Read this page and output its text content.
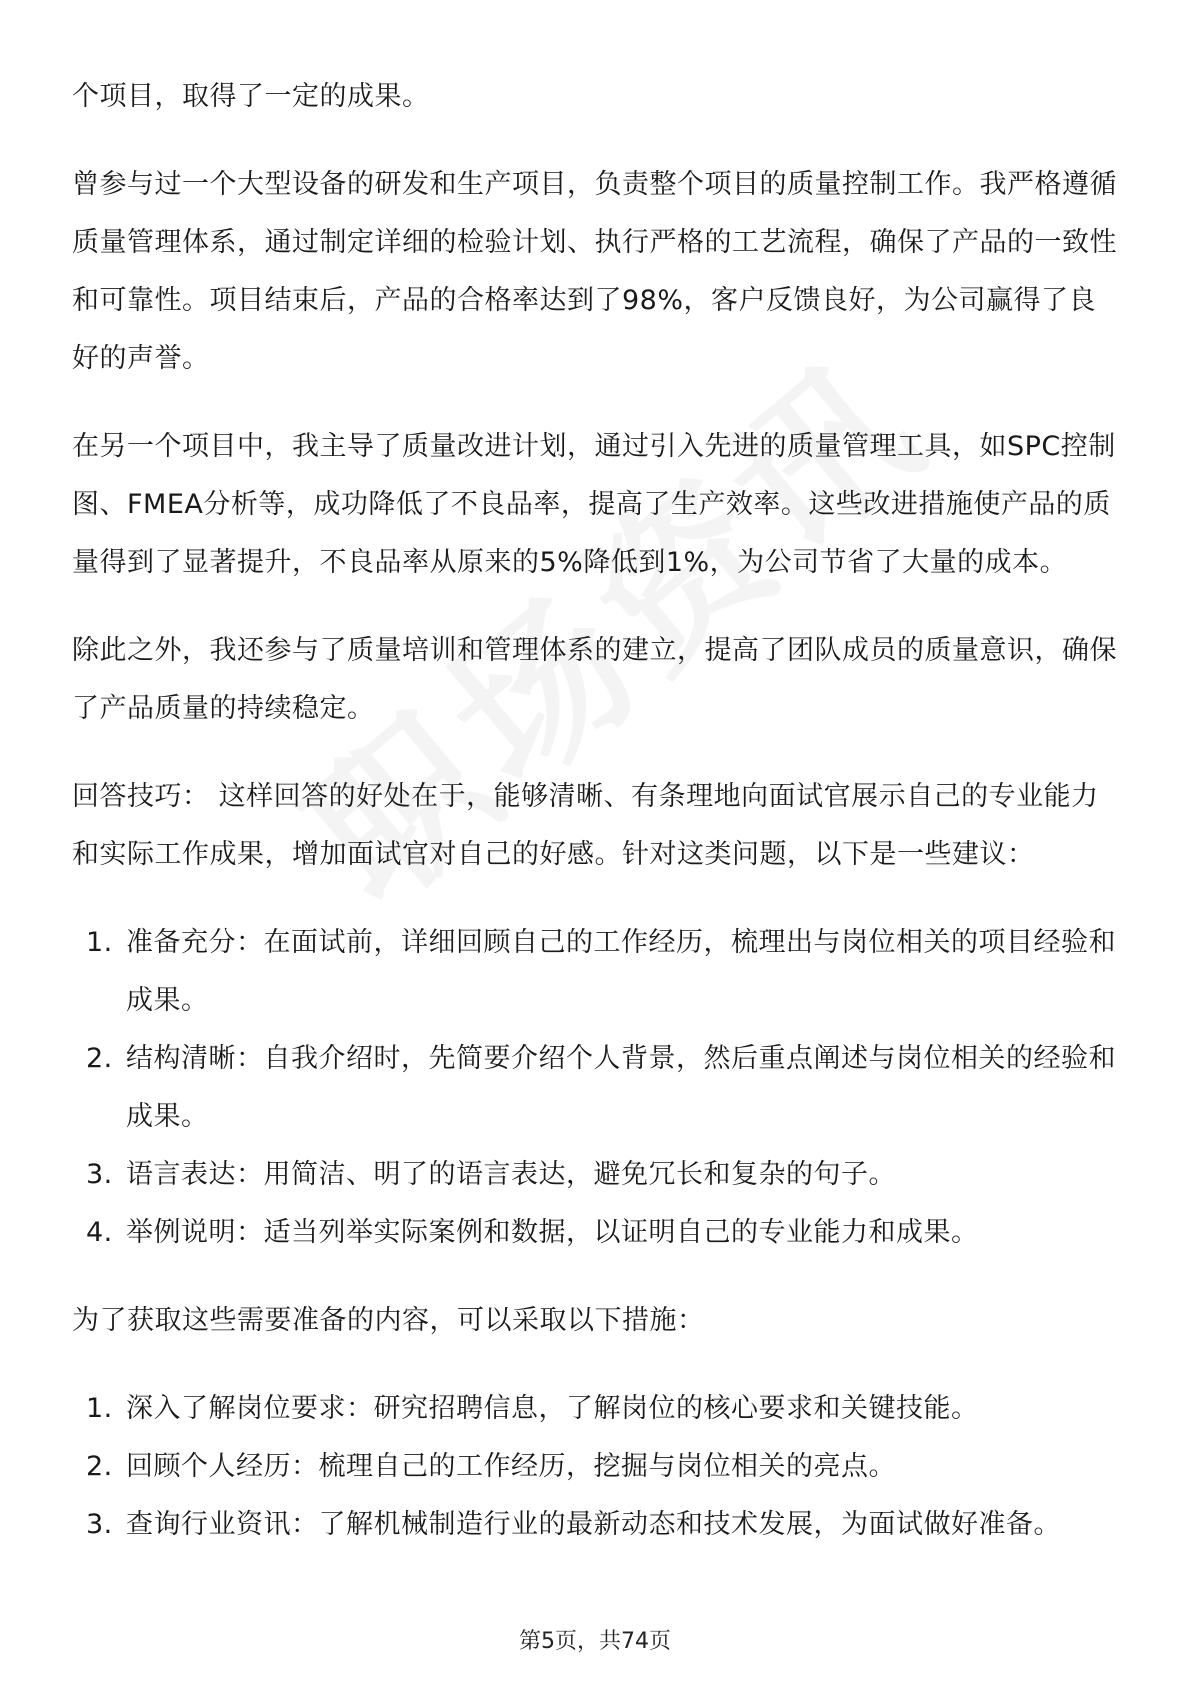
个项目，取得了一定的成果。

曾参与过一个大型设备的研发和生产项目，负责整个项目的质量控制工作。我严格遵循质量管理体系，通过制定详细的检验计划、执行严格的工艺流程，确保了产品的一致性和可靠性。项目结束后，产品的合格率达到了98%，客户反馈良好，为公司赢得了良好的声誉。

在另一个项目中，我主导了质量改进计划，通过引入先进的质量管理工具，如SPC控制图、FMEA分析等，成功降低了不良品率，提高了生产效率。这些改进措施使产品的质量得到了显著提升，不良品率从原来的5%降低到1%，为公司节省了大量的成本。

除此之外，我还参与了质量培训和管理体系的建立，提高了团队成员的质量意识，确保了产品质量的持续稳定。

回答技巧： 这样回答的好处在于，能够清晰、有条理地向面试官展示自己的专业能力和实际工作成果，增加面试官对自己的好感。针对这类问题，以下是一些建议：

1. 准备充分：在面试前，详细回顾自己的工作经历，梳理出与岗位相关的项目经验和成果。
2. 结构清晰：自我介绍时，先简要介绍个人背景，然后重点阐述与岗位相关的经验和成果。
3. 语言表达：用简洁、明了的语言表达，避免冗长和复杂的句子。
4. 举例说明：适当列举实际案例和数据，以证明自己的专业能力和成果。

为了获取这些需要准备的内容，可以采取以下措施：

1. 深入了解岗位要求：研究招聘信息，了解岗位的核心要求和关键技能。
2. 回顾个人经历：梳理自己的工作经历，挖掘与岗位相关的亮点。
3. 查询行业资讯：了解机械制造行业的最新动态和技术发展，为面试做好准备。
第5页，共74页
